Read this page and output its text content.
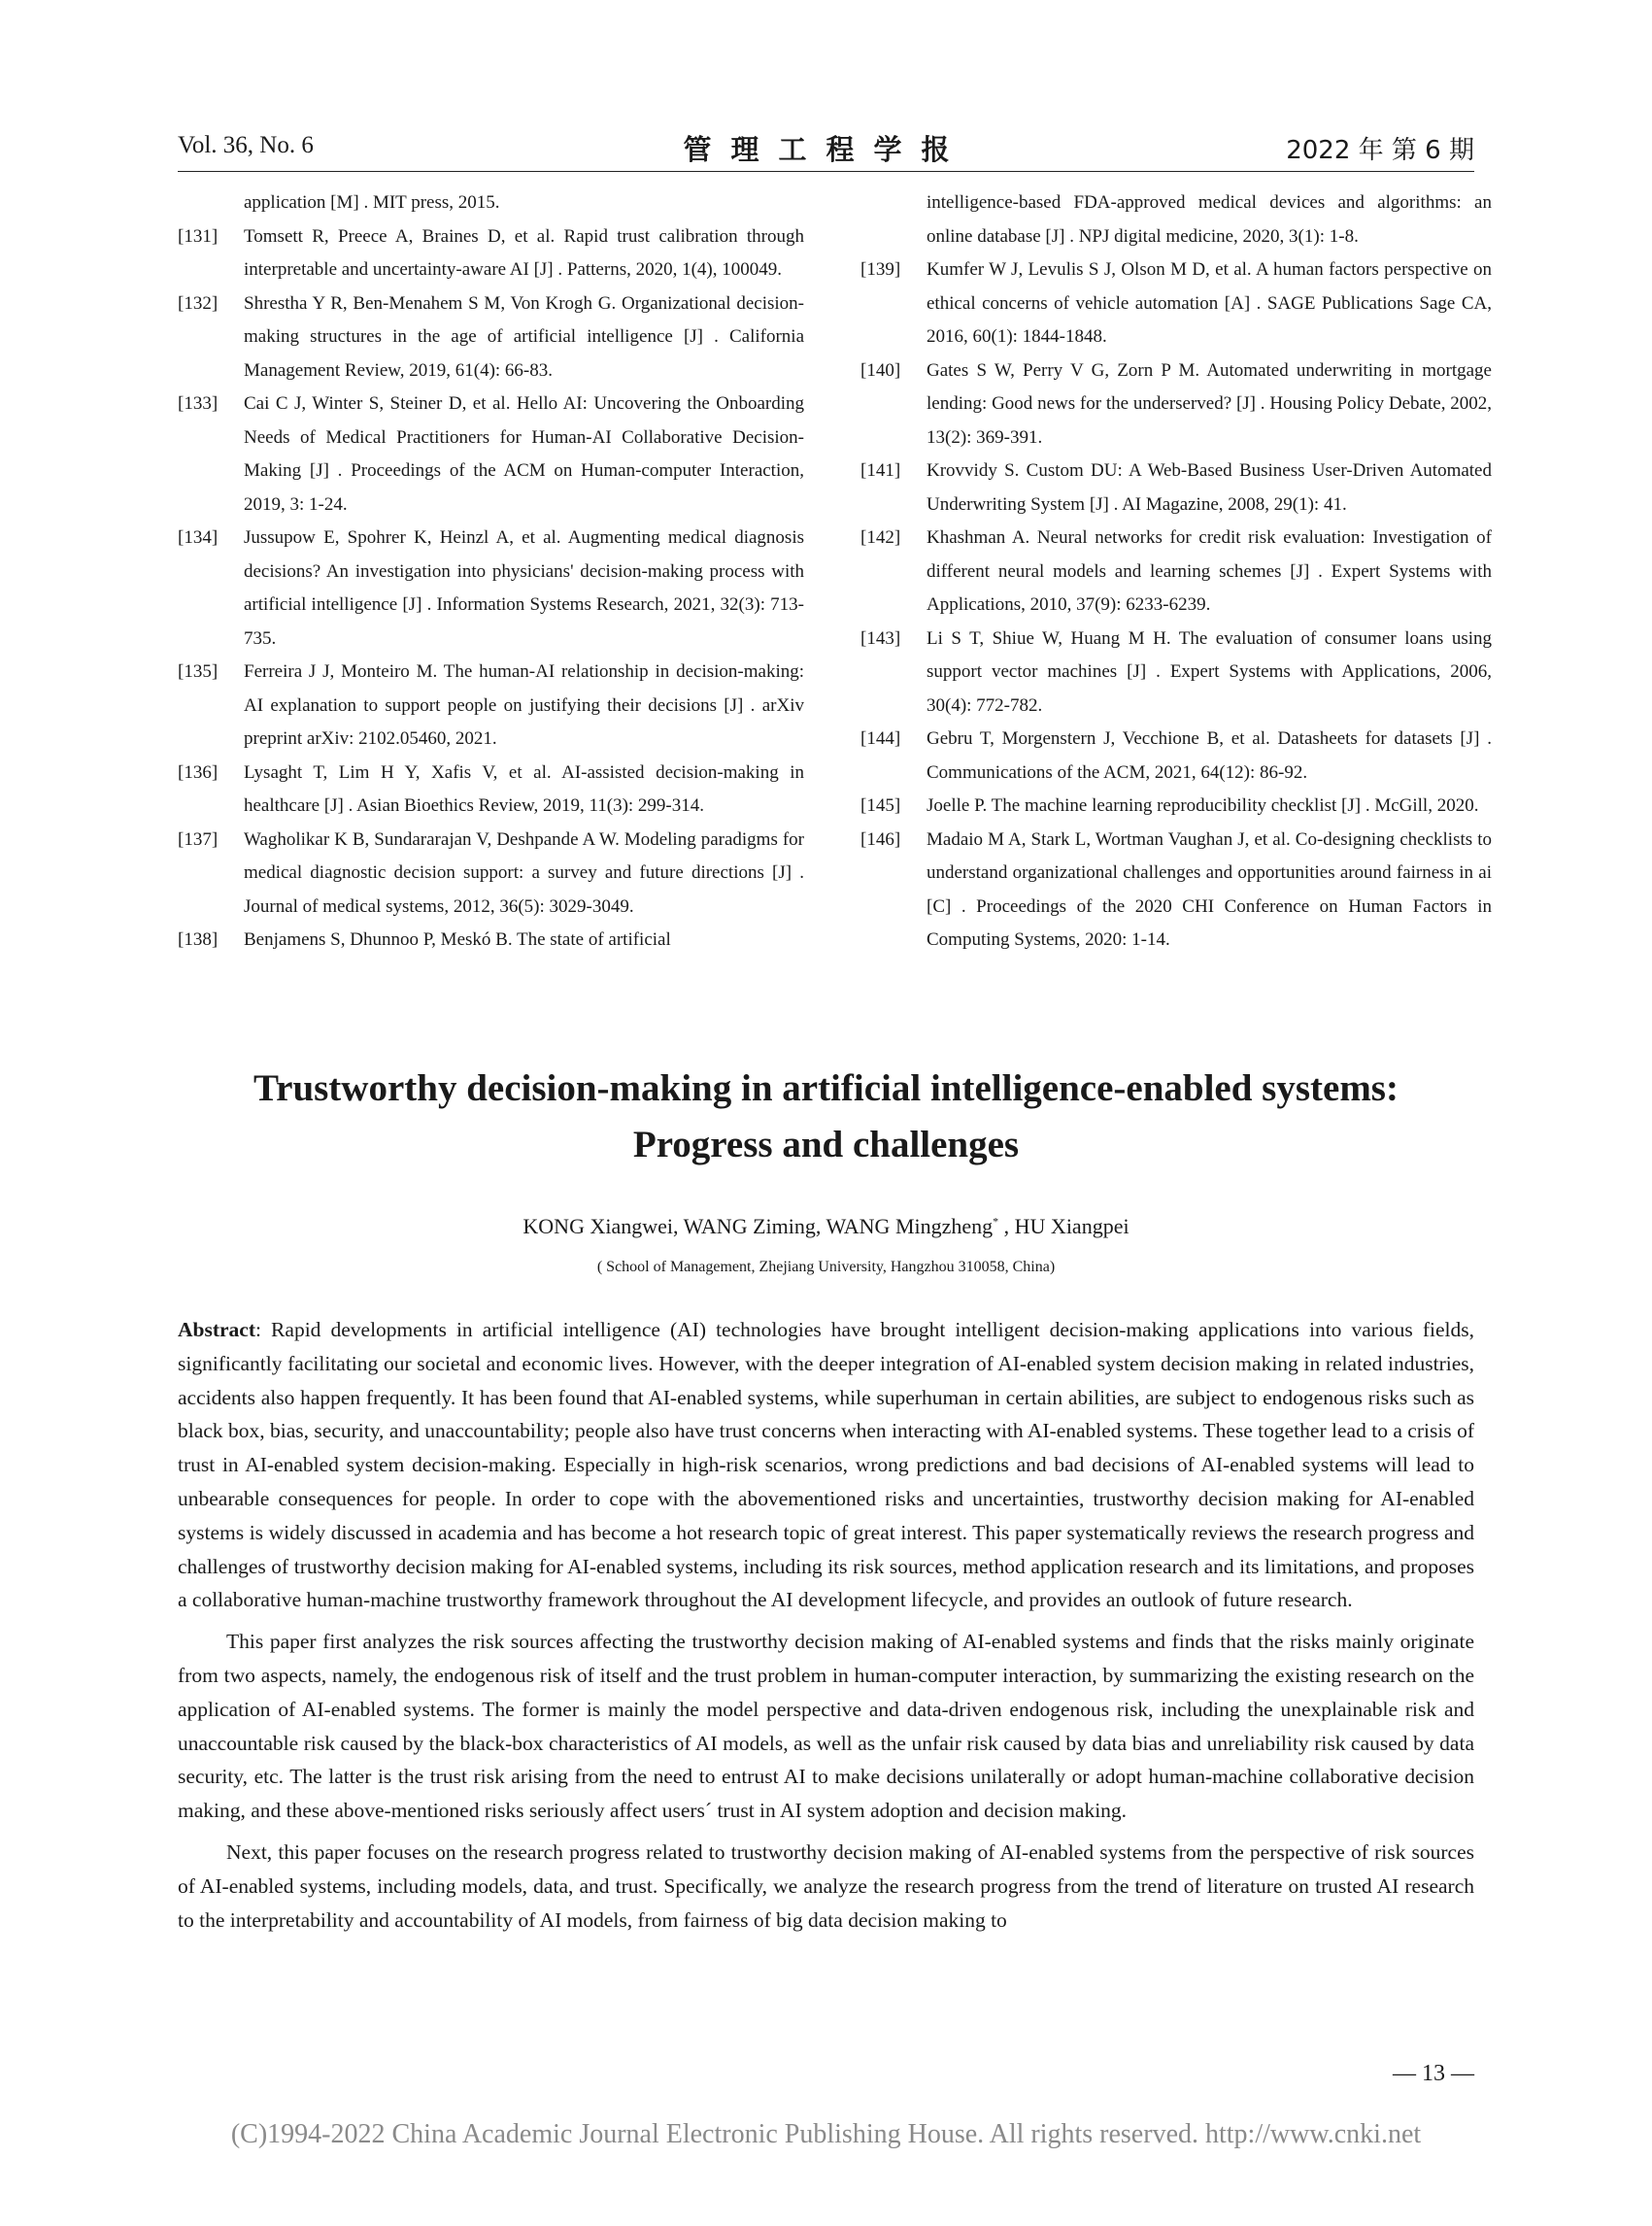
Vol. 36, No. 6	管理工程学报	2022 年 第 6 期
application [M] . MIT press, 2015.
[131] Tomsett R, Preece A, Braines D, et al. Rapid trust calibration through interpretable and uncertainty-aware AI [J] . Patterns, 2020, 1(4), 100049.
[132] Shrestha Y R, Ben-Menahem S M, Von Krogh G. Organizational decision-making structures in the age of artificial intelligence [J] . California Management Review, 2019, 61(4): 66-83.
[133] Cai C J, Winter S, Steiner D, et al. Hello AI: Uncovering the Onboarding Needs of Medical Practitioners for Human-AI Collaborative Decision-Making [J] . Proceedings of the ACM on Human-computer Interaction, 2019, 3: 1-24.
[134] Jussupow E, Spohrer K, Heinzl A, et al. Augmenting medical diagnosis decisions? An investigation into physicians' decision-making process with artificial intelligence [J] . Information Systems Research, 2021, 32(3): 713-735.
[135] Ferreira J J, Monteiro M. The human-AI relationship in decision-making: AI explanation to support people on justifying their decisions [J] . arXiv preprint arXiv: 2102.05460, 2021.
[136] Lysaght T, Lim H Y, Xafis V, et al. AI-assisted decision-making in healthcare [J] . Asian Bioethics Review, 2019, 11(3): 299-314.
[137] Wagholikar K B, Sundararajan V, Deshpande A W. Modeling paradigms for medical diagnostic decision support: a survey and future directions [J] . Journal of medical systems, 2012, 36(5): 3029-3049.
[138] Benjamens S, Dhunnoo P, Meskó B. The state of artificial
intelligence-based FDA-approved medical devices and algorithms: an online database [J] . NPJ digital medicine, 2020, 3(1): 1-8.
[139] Kumfer W J, Levulis S J, Olson M D, et al. A human factors perspective on ethical concerns of vehicle automation [A] . SAGE Publications Sage CA, 2016, 60(1): 1844-1848.
[140] Gates S W, Perry V G, Zorn P M. Automated underwriting in mortgage lending: Good news for the underserved? [J] . Housing Policy Debate, 2002, 13(2): 369-391.
[141] Krovvidy S. Custom DU: A Web-Based Business User-Driven Automated Underwriting System [J] . AI Magazine, 2008, 29(1): 41.
[142] Khashman A. Neural networks for credit risk evaluation: Investigation of different neural models and learning schemes [J] . Expert Systems with Applications, 2010, 37(9): 6233-6239.
[143] Li S T, Shiue W, Huang M H. The evaluation of consumer loans using support vector machines [J] . Expert Systems with Applications, 2006, 30(4): 772-782.
[144] Gebru T, Morgenstern J, Vecchione B, et al. Datasheets for datasets [J] . Communications of the ACM, 2021, 64(12): 86-92.
[145] Joelle P. The machine learning reproducibility checklist [J] . McGill, 2020.
[146] Madaio M A, Stark L, Wortman Vaughan J, et al. Co-designing checklists to understand organizational challenges and opportunities around fairness in ai [C] . Proceedings of the 2020 CHI Conference on Human Factors in Computing Systems, 2020: 1-14.
Trustworthy decision-making in artificial intelligence-enabled systems:
Progress and challenges
KONG Xiangwei, WANG Ziming, WANG Mingzheng* , HU Xiangpei
( School of Management, Zhejiang University, Hangzhou 310058, China)

Abstract: Rapid developments in artificial intelligence (AI) technologies have brought intelligent decision-making applications into various fields, significantly facilitating our societal and economic lives. However, with the deeper integration of AI-enabled system decision making in related industries, accidents also happen frequently. It has been found that AI-enabled systems, while superhuman in certain abilities, are subject to endogenous risks such as black box, bias, security, and unaccountability; people also have trust concerns when interacting with AI-enabled systems. These together lead to a crisis of trust in AI-enabled system decision-making. Especially in high-risk scenarios, wrong predictions and bad decisions of AI-enabled systems will lead to unbearable consequences for people. In order to cope with the abovementioned risks and uncertainties, trustworthy decision making for AI-enabled systems is widely discussed in academia and has become a hot research topic of great interest. This paper systematically reviews the research progress and challenges of trustworthy decision making for AI-enabled systems, including its risk sources, method application research and its limitations, and proposes a collaborative human-machine trustworthy framework throughout the AI development lifecycle, and provides an outlook of future research.

This paper first analyzes the risk sources affecting the trustworthy decision making of AI-enabled systems and finds that the risks mainly originate from two aspects, namely, the endogenous risk of itself and the trust problem in human-computer interaction, by summarizing the existing research on the application of AI-enabled systems. The former is mainly the model perspective and data-driven endogenous risk, including the unexplainable risk and unaccountable risk caused by the black-box characteristics of AI models, as well as the unfair risk caused by data bias and unreliability risk caused by data security, etc. The latter is the trust risk arising from the need to entrust AI to make decisions unilaterally or adopt human-machine collaborative decision making, and these above-mentioned risks seriously affect users´ trust in AI system adoption and decision making.

Next, this paper focuses on the research progress related to trustworthy decision making of AI-enabled systems from the perspective of risk sources of AI-enabled systems, including models, data, and trust. Specifically, we analyze the research progress from the trend of literature on trusted AI research to the interpretability and accountability of AI models, from fairness of big data decision making to

— 13 —
(C)1994-2022 China Academic Journal Electronic Publishing House. All rights reserved. http://www.cnki.net
